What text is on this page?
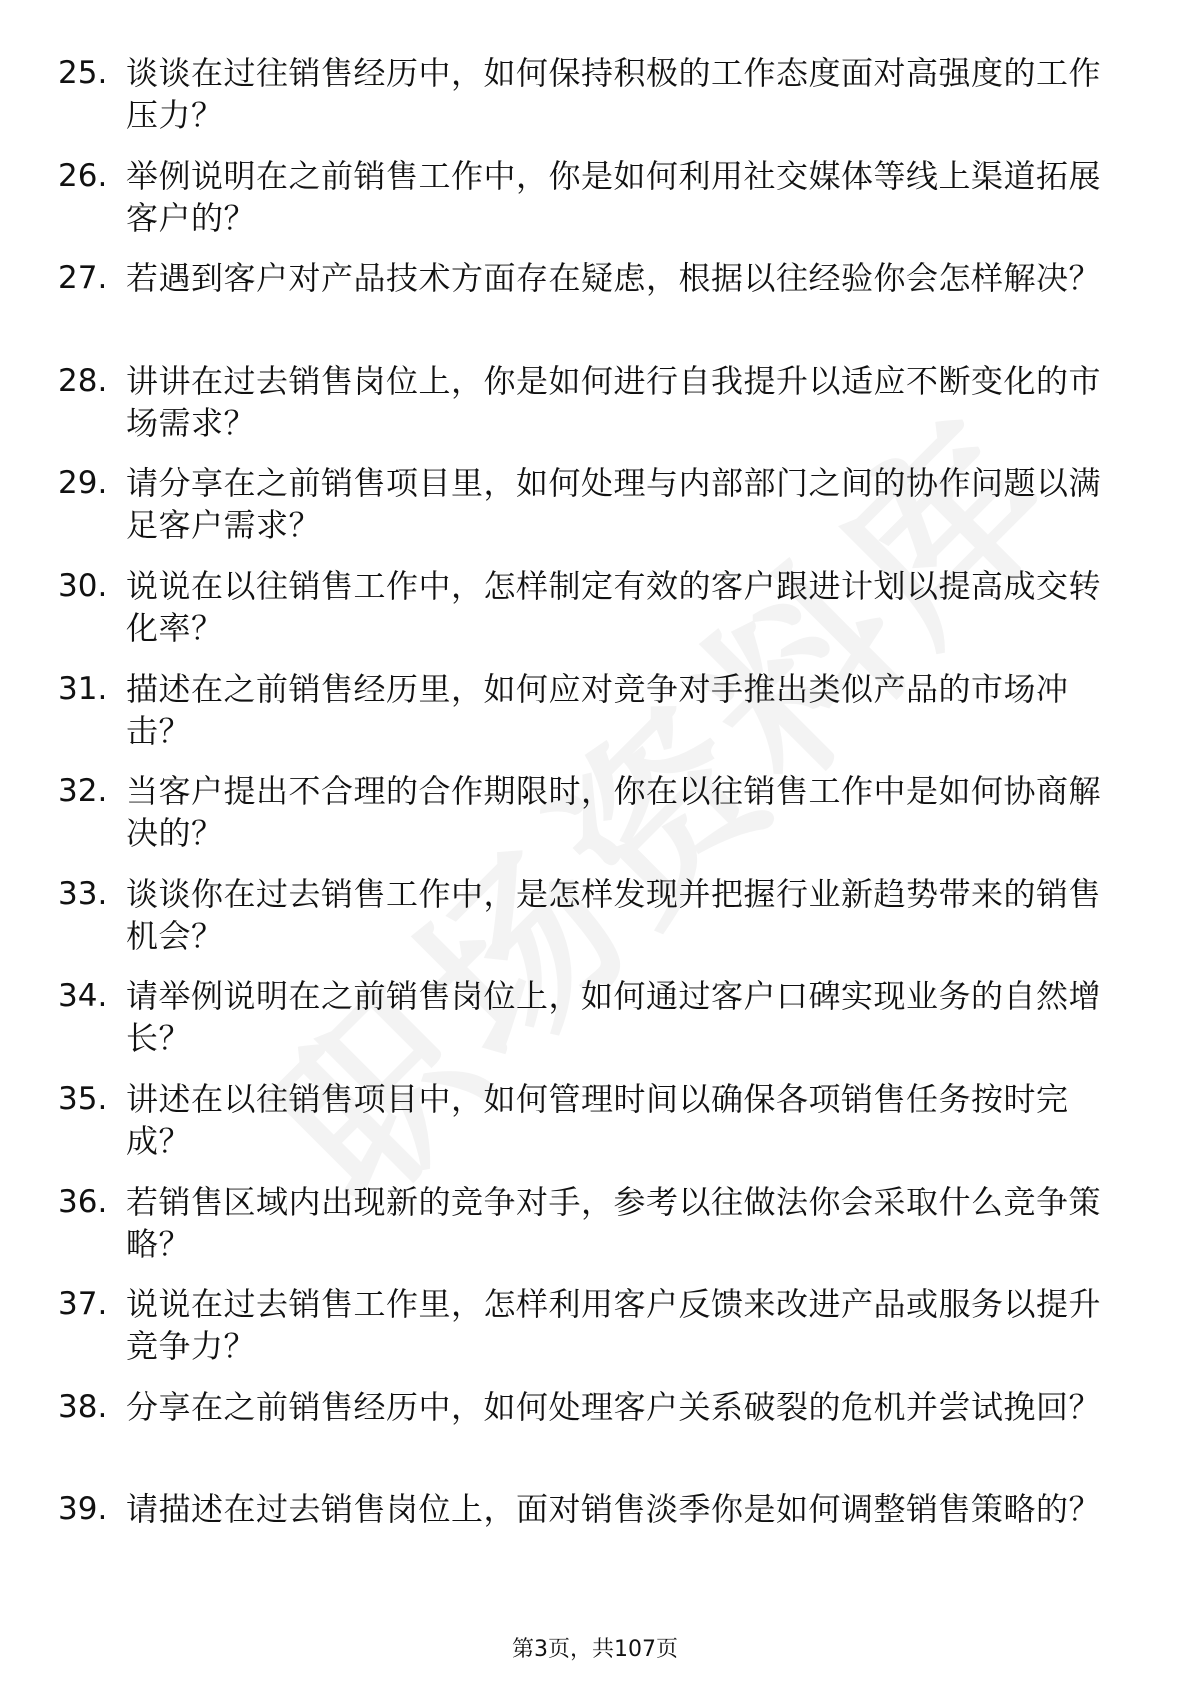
25. 谈谈在过往销售经历中，如何保持积极的工作态度面对高强度的工作压力？
26. 举例说明在之前销售工作中，你是如何利用社交媒体等线上渠道拓展客户的？
27. 若遇到客户对产品技术方面存在疑虑，根据以往经验你会怎样解决？
28. 讲讲在过去销售岗位上，你是如何进行自我提升以适应不断变化的市场需求？
29. 请分享在之前销售项目里，如何处理与内部部门之间的协作问题以满足客户需求？
30. 说说在以往销售工作中，怎样制定有效的客户跟进计划以提高成交转化率？
31. 描述在之前销售经历里，如何应对竞争对手推出类似产品的市场冲击？
32. 当客户提出不合理的合作期限时，你在以往销售工作中是如何协商解决的？
33. 谈谈你在过去销售工作中，是怎样发现并把握行业新趋势带来的销售机会？
34. 请举例说明在之前销售岗位上，如何通过客户口碑实现业务的自然增长？
35. 讲述在以往销售项目中，如何管理时间以确保各项销售任务按时完成？
36. 若销售区域内出现新的竞争对手，参考以往做法你会采取什么竞争策略？
37. 说说在过去销售工作里，怎样利用客户反馈来改进产品或服务以提升竞争力？
38. 分享在之前销售经历中，如何处理客户关系破裂的危机并尝试挽回？
39. 请描述在过去销售岗位上，面对销售淡季你是如何调整销售策略的？
第3页，共107页
